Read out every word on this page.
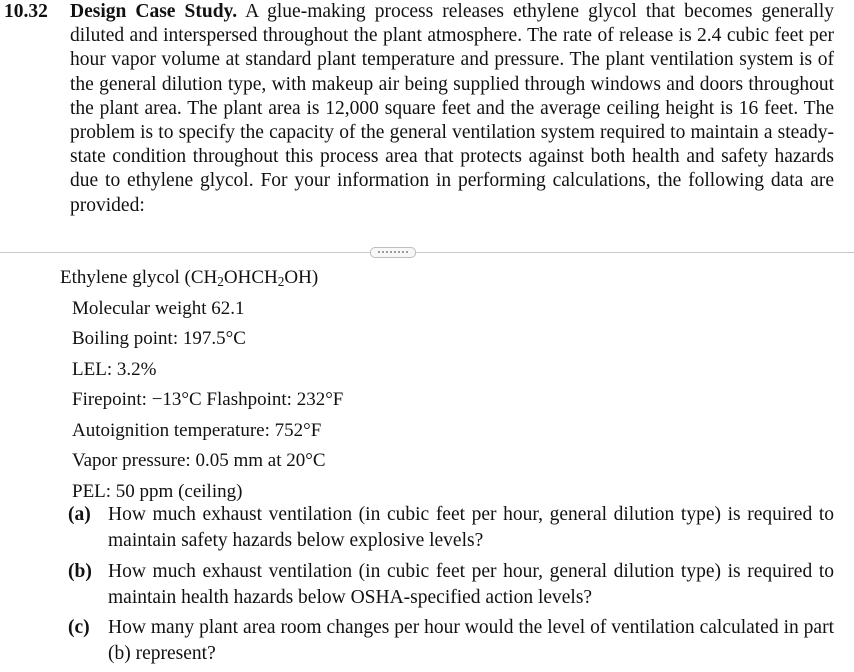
10.32 Design Case Study. A glue-making process releases ethylene glycol that becomes generally diluted and interspersed throughout the plant atmosphere. The rate of release is 2.4 cubic feet per hour vapor volume at standard plant temperature and pressure. The plant ventilation system is of the general dilution type, with makeup air being supplied through windows and doors throughout the plant area. The plant area is 12,000 square feet and the average ceiling height is 16 feet. The problem is to specify the capacity of the general ventilation system required to maintain a steady-state condition throughout this process area that protects against both health and safety hazards due to ethylene glycol. For your information in performing calculations, the following data are provided:
Ethylene glycol $(CH_2OHCH_2OH)$
Molecular weight 62.1
Boiling point: 197.5°C
LEL: 3.2%
Firepoint: −13°C Flashpoint: 232°F
Autoignition temperature: 752°F
Vapor pressure: 0.05 mm at 20°C
PEL: 50 ppm (ceiling)
(a) How much exhaust ventilation (in cubic feet per hour, general dilution type) is required to maintain safety hazards below explosive levels?
(b) How much exhaust ventilation (in cubic feet per hour, general dilution type) is required to maintain health hazards below OSHA-specified action levels?
(c) How many plant area room changes per hour would the level of ventilation calculated in part (b) represent?
